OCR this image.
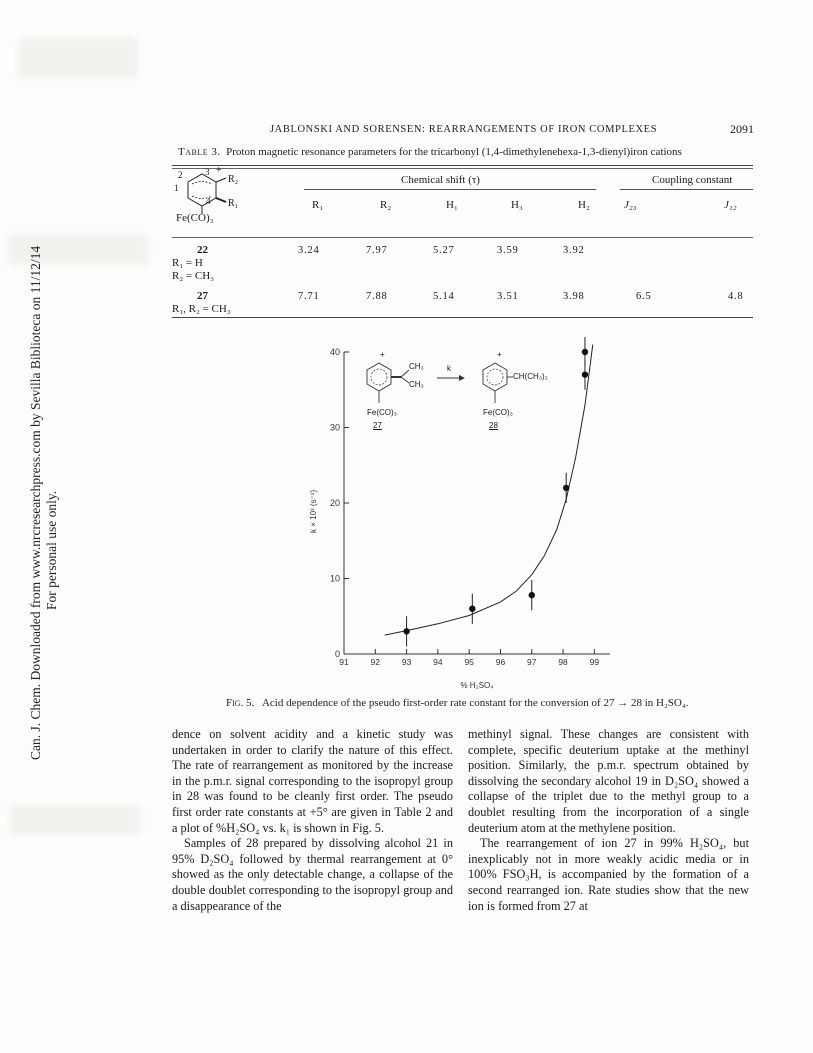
Can. J. Chem. Downloaded from www.nrcresearchpress.com by Sevilla Biblioteca on 11/12/14 For personal use only.
JABLONSKI AND SORENSEN: REARRANGEMENTS OF IRON COMPLEXES	2091
Table 3. Proton magnetic resonance parameters for the tricarbonyl (1,4-dimethylenehexa-1,3-dienyl)iron cations
2	3 +
1
4
R₂
R₁
Fe(CO)₃
Chemical shift (τ)	Coupling constant
R₁	R₂	H₁	H₃	H₂	J₂₃	J₁₂
22
R₁ = H
R₂ = CH₃
3.24	7.97	5.27	3.59	3.92
27
R₁, R₂ = CH₃
7.71	7.88	5.14	3.51	3.98	6.5	4.8
0
10
20
30
40
91	92	93	94	95	96	97	98	99
% H₂SO₄
k × 10³ (s⁻¹)
+
CH₃
CH₃
k
+
CH(CH₃)₂
Fe(CO)₃
27
Fe(CO)₃
28
Fig. 5. Acid dependence of the pseudo first-order rate constant for the conversion of 27 → 28 in H₂SO₄.

dence on solvent acidity and a kinetic study was undertaken in order to clarify the nature of this effect. The rate of rearrangement as monitored by the increase in the p.m.r. signal corresponding to the isopropyl group in 28 was found to be cleanly first order. The pseudo first order rate constants at +5° are given in Table 2 and a plot of %H₂SO₄ vs. k₁ is shown in Fig. 5.

Samples of 28 prepared by dissolving alcohol 21 in 95% D₂SO₄ followed by thermal rearrangement at 0° showed as the only detectable change, a collapse of the double doublet corresponding to the isopropyl group and a disappearance of the

methinyl signal. These changes are consistent with complete, specific deuterium uptake at the methinyl position. Similarly, the p.m.r. spectrum obtained by dissolving the secondary alcohol 19 in D₂SO₄ showed a collapse of the triplet due to the methyl group to a doublet resulting from the incorporation of a single deuterium atom at the methylene position.

The rearrangement of ion 27 in 99% H₂SO₄, but inexplicably not in more weakly acidic media or in 100% FSO₃H, is accompanied by the formation of a second rearranged ion. Rate studies show that the new ion is formed from 27 at
